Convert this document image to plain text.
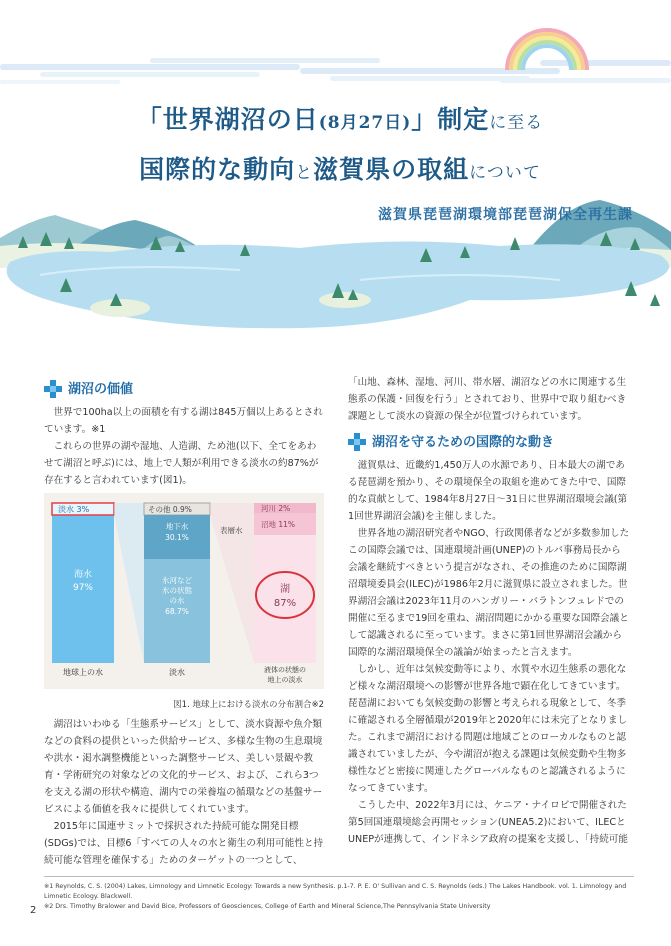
「世界湖沼の日(8月27日)」制定に至る
国際的な動向と滋賀県の取組について
滋賀県琵琶湖環境部琵琶湖保全再生課
湖沼の価値

世界で100ha以上の面積を有する湖は845万個以上あるとされています。※1

これらの世界の湖や湿地、人造湖、ため池(以下、全てをあわせて湖沼と呼ぶ)には、地上で人類が利用できる淡水の約87%が存在すると言われています(図1)。

淡水 3%
海水
97%
地球上の水
その他 0.9%
地下水
30.1%
氷河など
氷の状態
の水
68.7%
淡水
表層水
河川 2%
沼地 11%
湖
87%
液体の状態の
地上の淡水
図1. 地球上における淡水の分布割合※2

湖沼はいわゆる「生態系サービス」として、淡水資源や魚介類などの食料の提供といった供給サービス、多様な生物の生息環境や洪水・渇水調整機能といった調整サービス、美しい景観や教育・学術研究の対象などの文化的サービス、および、これら3つを支える湖の形状や構造、湖内での栄養塩の循環などの基盤サービスによる価値を我々に提供してくれています。

2015年に国連サミットで採択された持続可能な開発目標(SDGs)では、目標6「すべての人々の水と衛生の利用可能性と持続可能な管理を確保する」ためのターゲットの一つとして、

「山地、森林、湿地、河川、帯水層、湖沼などの水に関連する生態系の保護・回復を行う」とされており、世界中で取り組むべき課題として淡水の資源の保全が位置づけられています。

湖沼を守るための国際的な動き

滋賀県は、近畿約1,450万人の水源であり、日本最大の湖である琵琶湖を預かり、その環境保全の取組を進めてきた中で、国際的な貢献として、1984年8月27日〜31日に世界湖沼環境会議(第1回世界湖沼会議)を主催しました。

世界各地の湖沼研究者やNGO、行政関係者などが多数参加したこの国際会議では、国連環境計画(UNEP)のトルバ事務局長から会議を継続すべきという提言がなされ、その推進のために国際湖沼環境委員会(ILEC)が1986年2月に滋賀県に設立されました。世界湖沼会議は2023年11月のハンガリー・バラトンフュレドでの開催に至るまで19回を重ね、湖沼問題にかかる重要な国際会議として認識されるに至っています。まさに第1回世界湖沼会議から国際的な湖沼環境保全の議論が始まったと言えます。

しかし、近年は気候変動等により、水質や水辺生態系の悪化など様々な湖沼環境への影響が世界各地で顕在化してきています。琵琶湖においても気候変動の影響と考えられる現象として、冬季に確認される全層循環が2019年と2020年には未完了となりました。これまで湖沼における問題は地域ごとのローカルなものと認識されていましたが、今や湖沼が抱える課題は気候変動や生物多様性などと密接に関連したグローバルなものと認識されるようになってきています。

こうした中、2022年3月には、ケニア・ナイロビで開催された第5回国連環境総会再開セッション(UNEA5.2)において、ILECとUNEPが連携して、インドネシア政府の提案を支援し、「持続可能

※1 Reynolds, C. S. (2004) Lakes, Limnology and Limnetic Ecology: Towards a new Synthesis. p.1-7. P. E. O' Sullivan and C. S. Reynolds (eds.) The Lakes Handbook. vol. 1. Limnology and Limnetic Ecology. Blackwell.
※2 Drs. Timothy Bralower and David Bice, Professors of Geosciences, College of Earth and Mineral Science,The Pennsylvania State University
2
